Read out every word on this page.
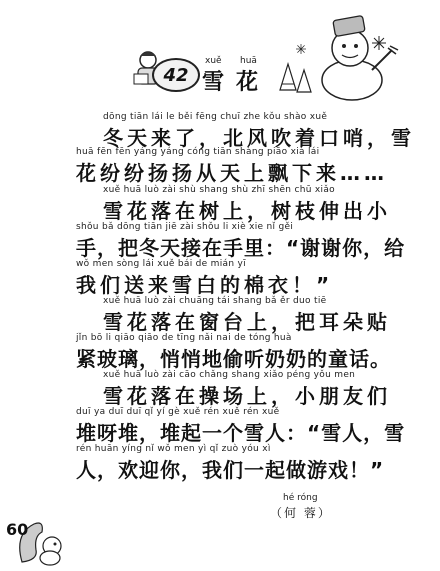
42
xuě huā
雪 花
dōng tiān lái le běi fēng chuī zhe kǒu shào xuě
冬天来了，北风吹着口哨，雪
huā fēn fēn yáng yáng cóng tiān shàng piāo xià lái
花纷纷扬扬从天上飘下来……
xuě huā luò zài shù shang shù zhī shēn chū xiǎo
雪花落在树上，树枝伸出小
shǒu bǎ dōng tiān jiē zài shǒu li xiè xie nǐ gěi
手，把冬天接在手里：“谢谢你，给
wǒ men sòng lái xuě bái de mián yī
我们送来雪白的棉衣！”
xuě huā luò zài chuāng tái shang bǎ ěr duo tiē
雪花落在窗台上，把耳朵贴
jǐn bō li qiāo qiāo de tīng nǎi nai de tóng huà
紧玻璃，悄悄地偷听奶奶的童话。
xuě huā luò zài cāo chǎng shang xiǎo péng yǒu men
雪花落在操场上，小朋友们
duī ya duī duī qǐ yí gè xuě rén xuě rén xuě
堆呀堆，堆起一个雪人：“雪人，雪
rén huān yíng nǐ wǒ men yì qǐ zuò yóu xì
人，欢迎你，我们一起做游戏！”
hé róng
（何 蓉）
60
